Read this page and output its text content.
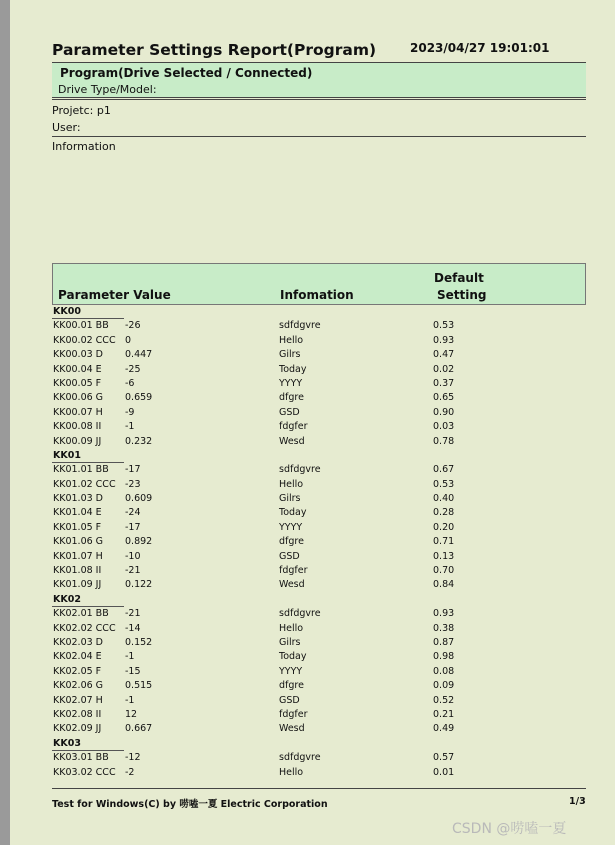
Parameter Settings Report(Program)	2023/04/27 19:01:01
Program(Drive Selected / Connected)
Drive Type/Model:
Projetc: p1
User:
Information
Parameter Value	Infomation
Default
Setting
KK00
KK00.01 BB -26	sdfdgvre	0.53
KK00.02 CCC 0	Hello	0.93
KK00.03 D 0.447	Gilrs	0.47
KK00.04 E -25	Today	0.02
KK00.05 F	-6	YYYY	0.37
KK00.06 G 0.659	dfgre	0.65
KK00.07 H -9	GSD	0.90
KK00.08 II -1	fdgfer	0.03
KK00.09 JJ 0.232	Wesd	0.78
KK01
KK01.01 BB -17	sdfdgvre	0.67
KK01.02 CCC -23	Hello	0.53
KK01.03 D 0.609	Gilrs	0.40
KK01.04 E -24	Today	0.28
KK01.05 F	-17	YYYY	0.20
KK01.06 G 0.892	dfgre	0.71
KK01.07 H -10	GSD	0.13
KK01.08 II -21	fdgfer	0.70
KK01.09 JJ 0.122	Wesd	0.84
KK02
KK02.01 BB -21	sdfdgvre	0.93
KK02.02 CCC -14	Hello	0.38
KK02.03 D 0.152	Gilrs	0.87
KK02.04 E -1	Today	0.98
KK02.05 F	-15	YYYY	0.08
KK02.06 G 0.515	dfgre	0.09
KK02.07 H -1	GSD	0.52
KK02.08 II 12	fdgfer	0.21
KK02.09 JJ 0.667	Wesd	0.49
KK03
KK03.01 BB -12	sdfdgvre	0.57
KK03.02 CCC -2	Hello	0.01
Test for Windows(C) by 唠嗑一夏 Electric Corporation	1/3
CSDN @唠嗑一夏
